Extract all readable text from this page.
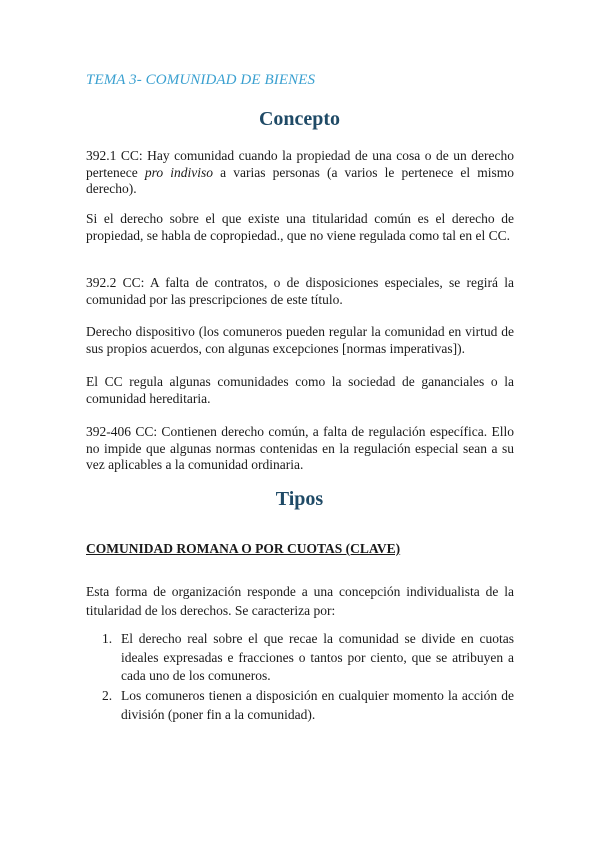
TEMA 3- COMUNIDAD DE BIENES
Concepto
392.1 CC: Hay comunidad cuando la propiedad de una cosa o de un derecho pertenece pro indiviso a varias personas (a varios le pertenece el mismo derecho).
Si el derecho sobre el que existe una titularidad común es el derecho de propiedad, se habla de copropiedad., que no viene regulada como tal en el CC.
392.2 CC: A falta de contratos, o de disposiciones especiales, se regirá la comunidad por las prescripciones de este título.
Derecho dispositivo (los comuneros pueden regular la comunidad en virtud de sus propios acuerdos, con algunas excepciones [normas imperativas]).
El CC regula algunas comunidades como la sociedad de gananciales o la comunidad hereditaria.
392-406 CC: Contienen derecho común, a falta de regulación específica. Ello no impide que algunas normas contenidas en la regulación especial sean a su vez aplicables a la comunidad ordinaria.
Tipos
COMUNIDAD ROMANA O POR CUOTAS (CLAVE)
Esta forma de organización responde a una concepción individualista de la titularidad de los derechos. Se caracteriza por:
1. El derecho real sobre el que recae la comunidad se divide en cuotas ideales expresadas e fracciones o tantos por ciento, que se atribuyen a cada uno de los comuneros.
2. Los comuneros tienen a disposición en cualquier momento la acción de división (poner fin a la comunidad).
